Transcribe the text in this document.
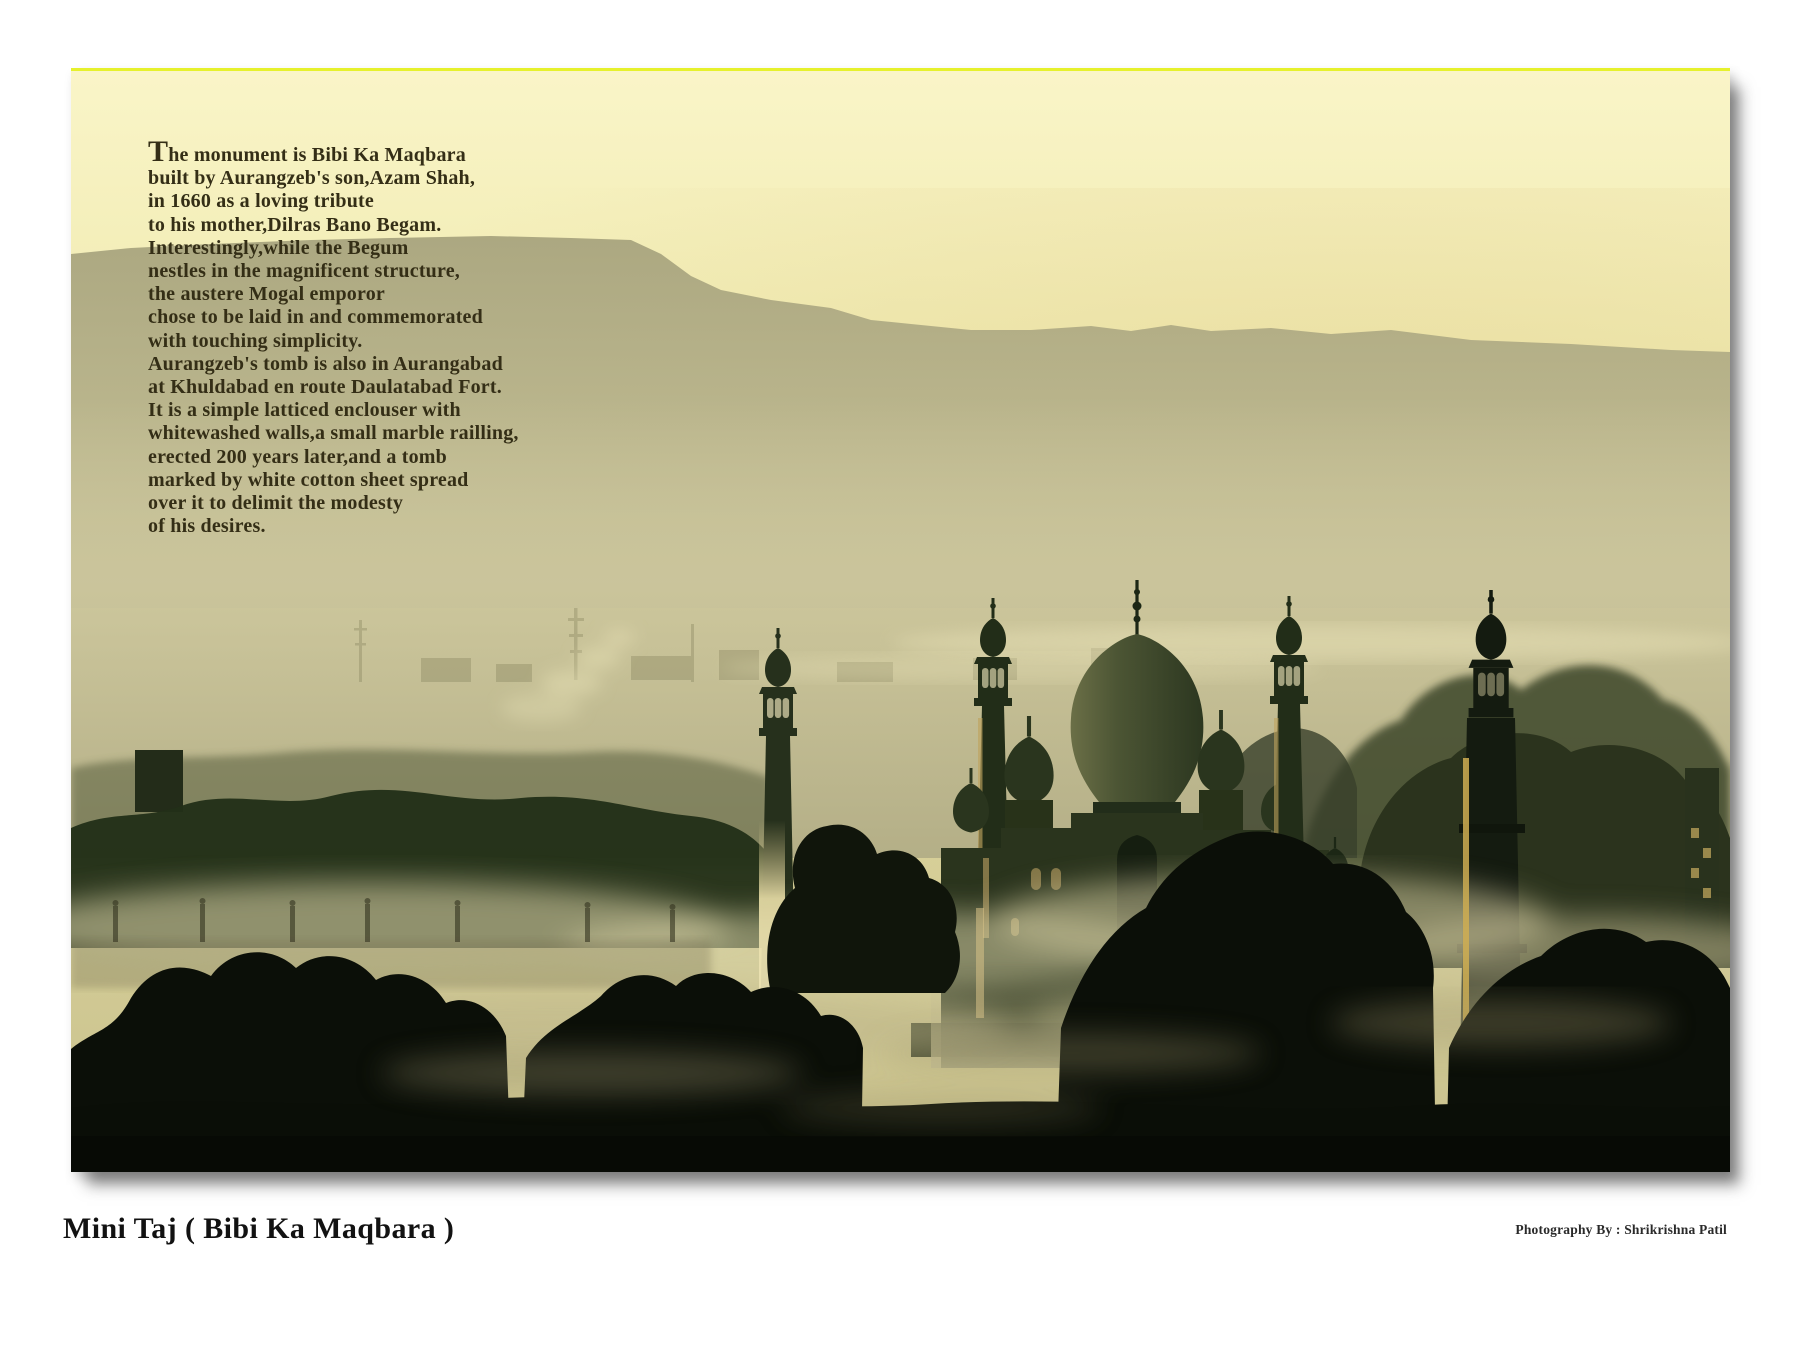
The monument is Bibi Ka Maqbara
built by Aurangzeb's son,Azam Shah,
in 1660 as a loving tribute
to his mother,Dilras Bano Begam.
Interestingly,while the Begum
nestles in the magnificent structure,
the austere Mogal emporor
chose to be laid in and commemorated
with touching simplicity.
Aurangzeb's tomb is also in Aurangabad
at Khuldabad en route Daulatabad Fort.
It is a simple latticed enclouser with
whitewashed walls,a small marble railling,
erected 200 years later,and a tomb
marked by white cotton sheet spread
over it to delimit the modesty
of his desires.
Mini Taj ( Bibi Ka Maqbara )	Photography By : Shrikrishna Patil
